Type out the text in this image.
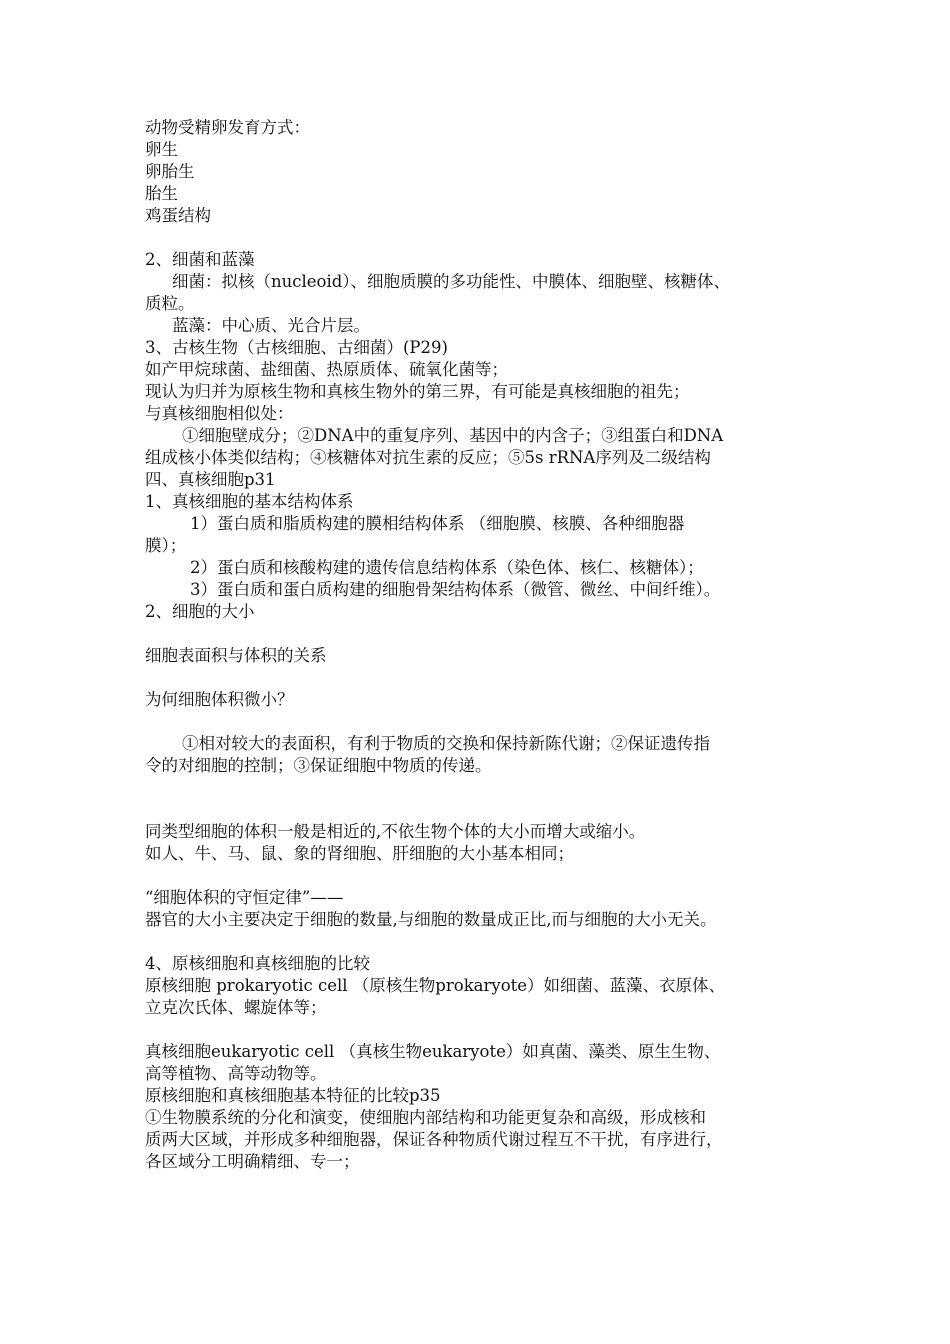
动物受精卵发育方式：
卵生
卵胎生
胎生
鸡蛋结构
2、细菌和蓝藻
细菌：拟核（nucleoid）、细胞质膜的多功能性、中膜体、细胞壁、核糖体、
质粒。
蓝藻：中心质、光合片层。
3、古核生物（古核细胞、古细菌）(P29)
如产甲烷球菌、盐细菌、热原质体、硫氧化菌等；
现认为归并为原核生物和真核生物外的第三界，有可能是真核细胞的祖先；
与真核细胞相似处：
①细胞壁成分；②DNA中的重复序列、基因中的内含子；③组蛋白和DNA
组成核小体类似结构；④核糖体对抗生素的反应；⑤5s rRNA序列及二级结构
四、真核细胞p31
1、真核细胞的基本结构体系
1）蛋白质和脂质构建的膜相结构体系 （细胞膜、核膜、各种细胞器
膜）；
2）蛋白质和核酸构建的遗传信息结构体系（染色体、核仁、核糖体）；
3）蛋白质和蛋白质构建的细胞骨架结构体系（微管、微丝、中间纤维）。
2、细胞的大小
细胞表面积与体积的关系
为何细胞体积微小？
①相对较大的表面积，有利于物质的交换和保持新陈代谢；②保证遗传指
令的对细胞的控制；③保证细胞中物质的传递。
同类型细胞的体积一般是相近的,不依生物个体的大小而增大或缩小。
如人、牛、马、鼠、象的肾细胞、肝细胞的大小基本相同；
“细胞体积的守恒定律”——
器官的大小主要决定于细胞的数量,与细胞的数量成正比,而与细胞的大小无关。
4、原核细胞和真核细胞的比较
原核细胞 prokaryotic cell （原核生物prokaryote）如细菌、蓝藻、衣原体、
立克次氏体、螺旋体等；
真核细胞eukaryotic cell （真核生物eukaryote）如真菌、藻类、原生生物、
高等植物、高等动物等。
原核细胞和真核细胞基本特征的比较p35
①生物膜系统的分化和演变，使细胞内部结构和功能更复杂和高级，形成核和
质两大区域，并形成多种细胞器，保证各种物质代谢过程互不干扰，有序进行，
各区域分工明确精细、专一；
